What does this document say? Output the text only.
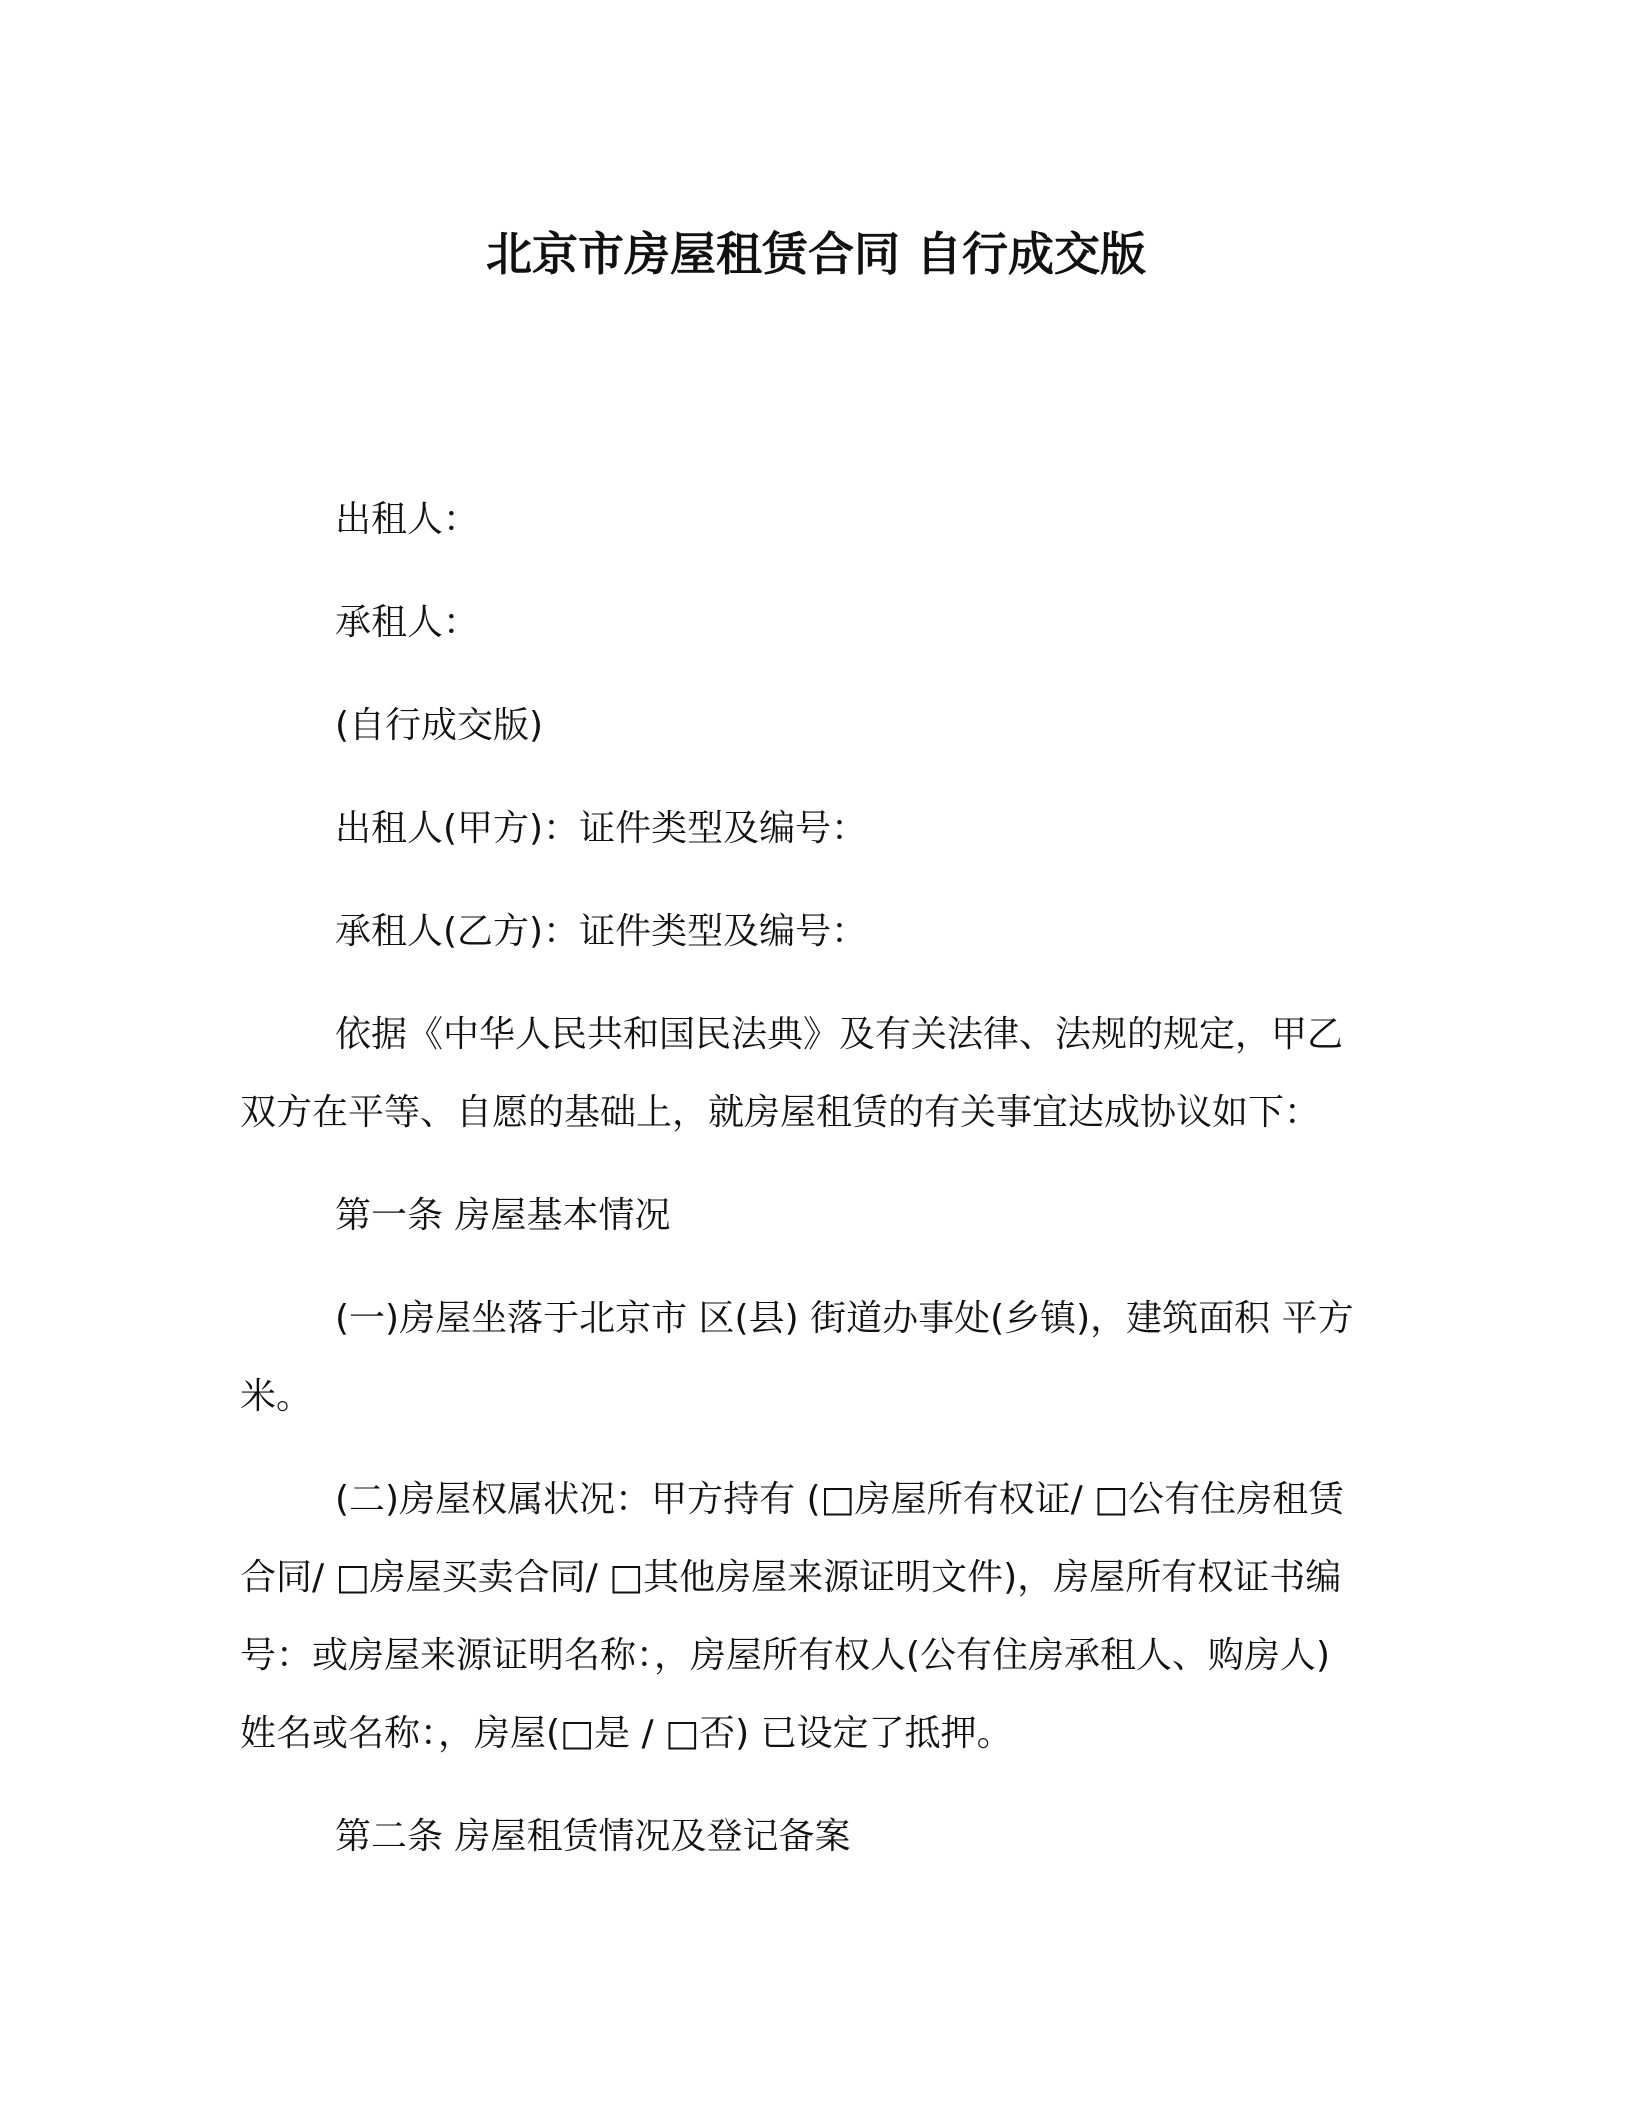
北京市房屋租赁合同 自行成交版
出租人：
承租人：
(自行成交版)
出租人(甲方)：证件类型及编号：
承租人(乙方)：证件类型及编号：
依据《中华人民共和国民法典》及有关法律、法规的规定，甲乙
双方在平等、自愿的基础上，就房屋租赁的有关事宜达成协议如下：
第一条 房屋基本情况
(一)房屋坐落于北京市 区(县) 街道办事处(乡镇)，建筑面积 平方
米。
(二)房屋权属状况：甲方持有 (□房屋所有权证/ □公有住房租赁
合同/ □房屋买卖合同/ □其他房屋来源证明文件)，房屋所有权证书编
号：或房屋来源证明名称：，房屋所有权人(公有住房承租人、购房人)
姓名或名称：，房屋(□是 / □否) 已设定了抵押。
第二条 房屋租赁情况及登记备案
